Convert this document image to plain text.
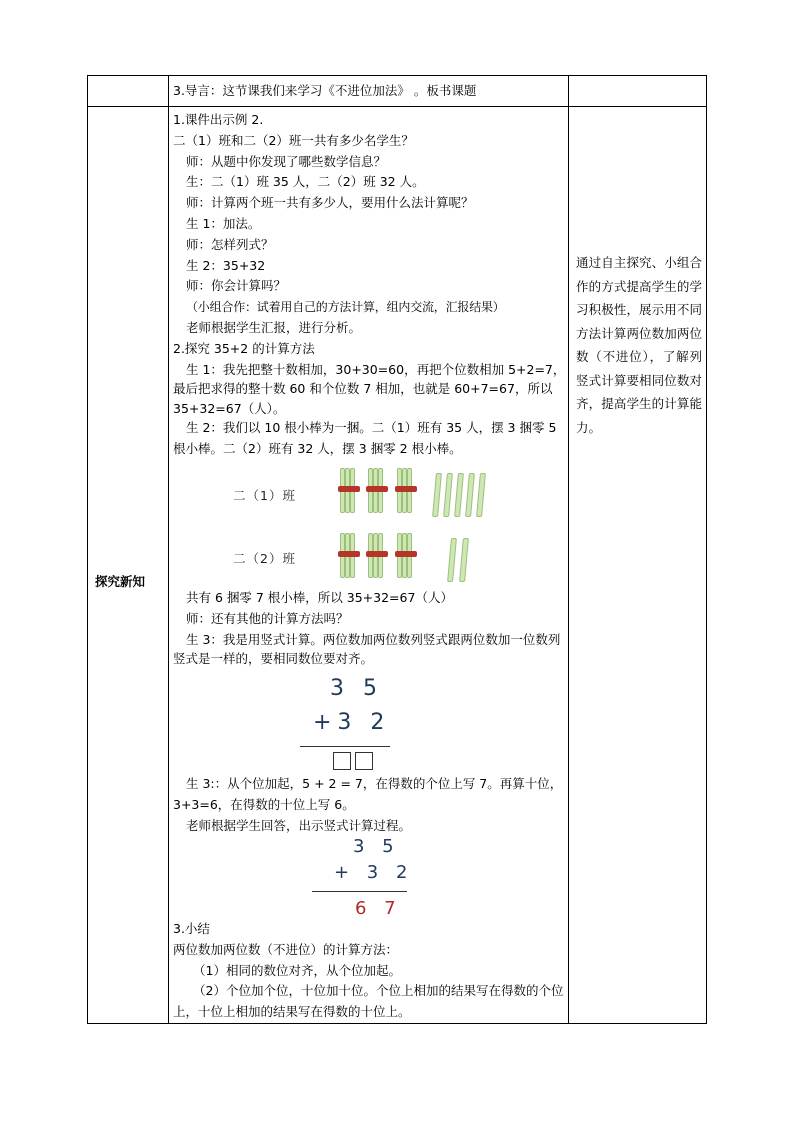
3.导言：这节课我们来学习《不进位加法》 。板书课题
探究新知

1.课件出示例 2.

二（1）班和二（2）班一共有多少名学生？

师：从题中你发现了哪些数学信息？

生：二（1）班 35 人，二（2）班 32 人。

师：计算两个班一共有多少人，要用什么法计算呢？

生 1：加法。

师：怎样列式？

生 2：35+32

师：你会计算吗？

（小组合作：试着用自己的方法计算，组内交流，汇报结果）

老师根据学生汇报，进行分析。

2.探究 35+2 的计算方法

生 1：我先把整十数相加，30+30=60，再把个位数相加 5+2=7，最后把求得的整十数 60 和个位数 7 相加，也就是 60+7=67，所以 35+32=67（人）。

生 2：我们以 10 根小棒为一捆。二（1）班有 35 人，摆 3 捆零 5 根小棒。二（2）班有 32 人，摆 3 捆零 2 根小棒。

二（1）班
二（2）班

共有 6 捆零 7 根小棒，所以 35+32=67（人）

师：还有其他的计算方法吗？

生 3：我是用竖式计算。两位数加两位数列竖式跟两位数加一位数列竖式是一样的，要相同数位要对齐。

3 5
+3 2

生 3:：从个位加起，5 + 2 = 7，在得数的个位上写 7。再算十位，3+3=6，在得数的十位上写 6。

老师根据学生回答，出示竖式计算过程。

3 5
+ 3 2
6 7

3.小结

两位数加两位数（不进位）的计算方法：

（1）相同的数位对齐，从个位加起。

（2）个位加个位，十位加十位。个位上相加的结果写在得数的个位上，十位上相加的结果写在得数的十位上。

通过自主探究、小组合作的方式提高学生的学习积极性，展示用不同方法计算两位数加两位数（不进位），了解列竖式计算要相同位数对齐，提高学生的计算能力。
